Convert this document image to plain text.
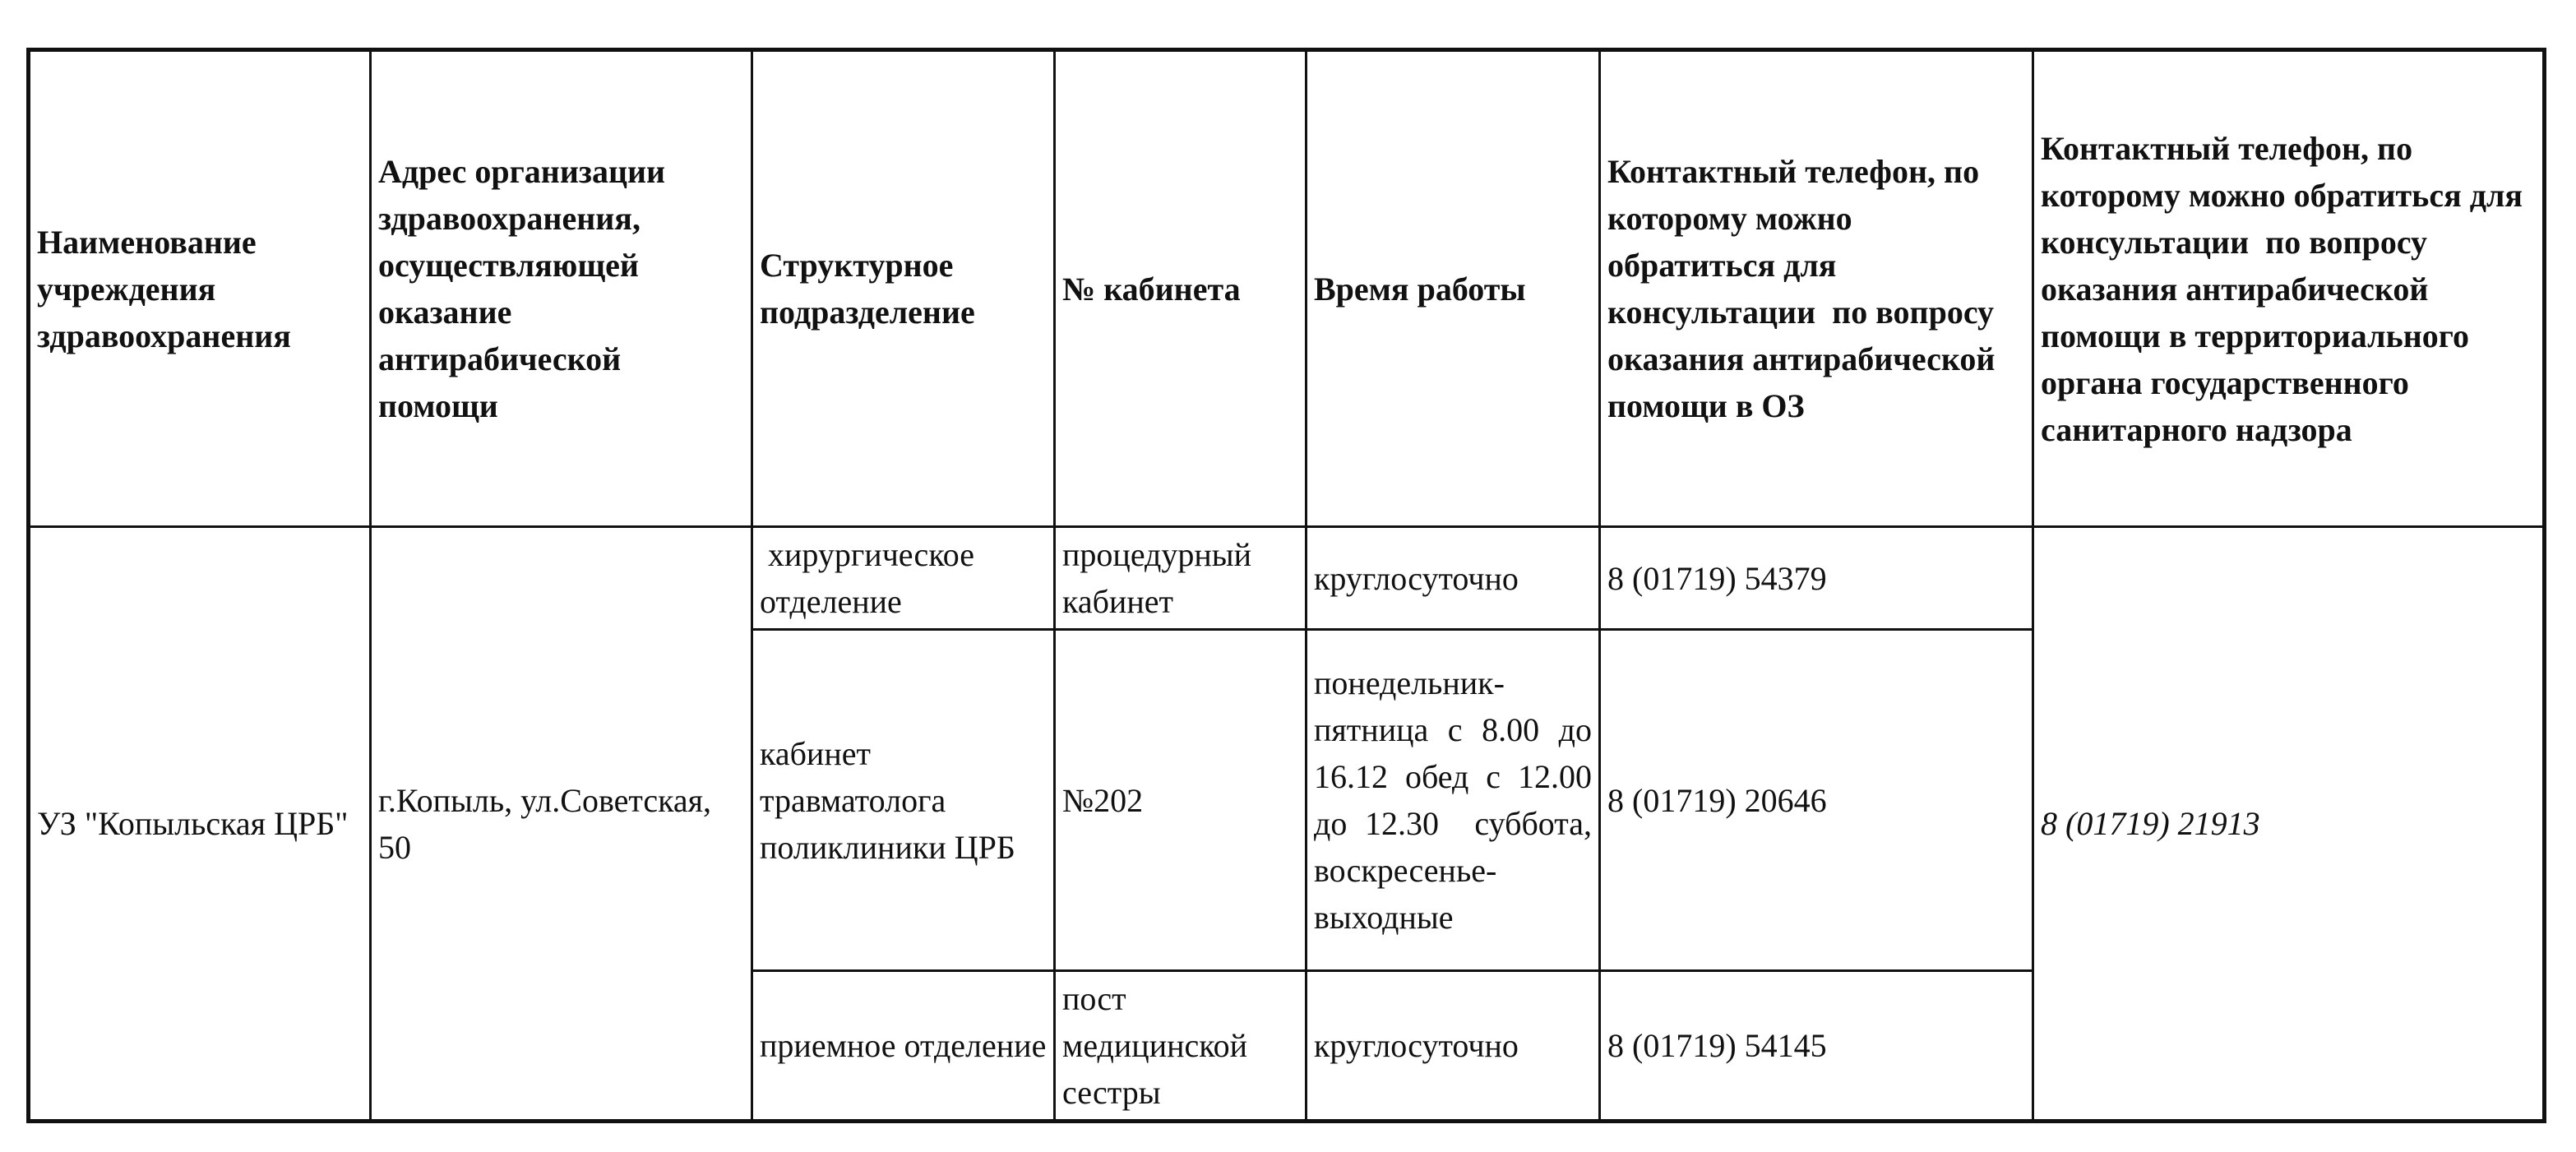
Наименование учреждения здравоохранения	Адрес организации здравоохранения, осуществляющей оказание антирабической помощи	Структурное подразделение	№ кабинета	Время работы	Контактный телефон, по которому можно обратиться для консультации  по вопросу оказания антирабической помощи в ОЗ	Контактный телефон, по которому можно обратиться для консультации  по вопросу оказания антирабической помощи в территориального органа государственного санитарного надзора
УЗ "Копыльская ЦРБ"	г.Копыль, ул.Советская,  50	хирургическое отделение	процедурный кабинет	круглосуточно	8 (01719) 54379	8 (01719) 21913
		кабинет травматолога поликлиники ЦРБ	№202	понедельник-пятница с 8.00 до 16.12 обед с 12.00 до 12.30  суббота, воскресенье-выходные	8 (01719) 20646	
		приемное отделение	пост медицинской сестры	круглосуточно	8 (01719) 54145	
